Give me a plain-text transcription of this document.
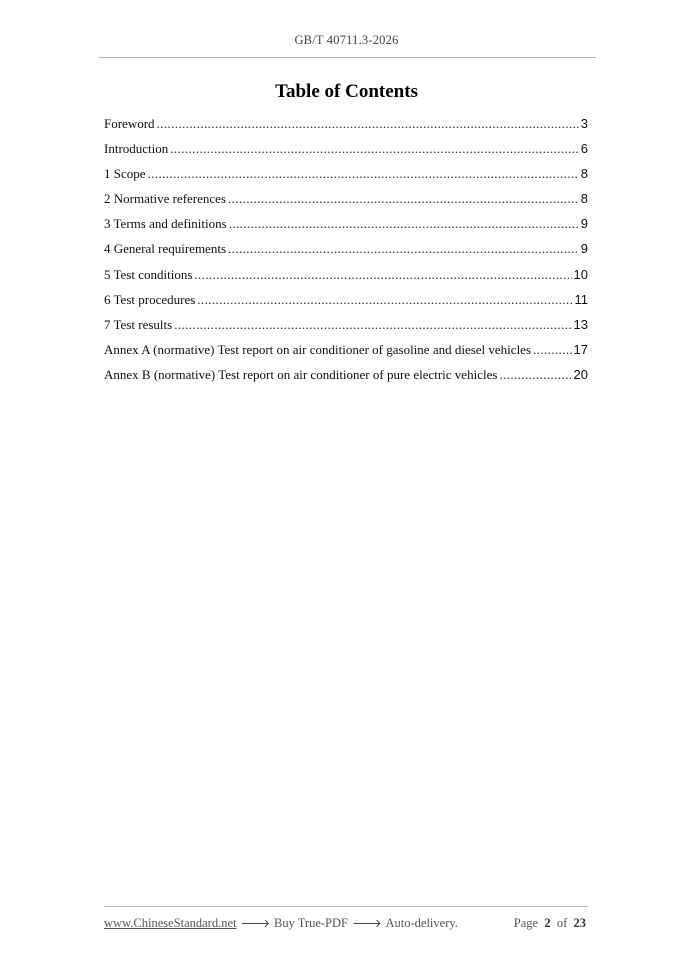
GB/T 40711.3-2026
Table of Contents
Foreword .....	3
Introduction .....	6
1 Scope .....	8
2 Normative references .....	8
3 Terms and definitions .....	9
4 General requirements .....	9
5 Test conditions .....	10
6 Test procedures .....	11
7 Test results .....	13
Annex A (normative) Test report on air conditioner of gasoline and diesel vehicles .....	17
Annex B (normative) Test report on air conditioner of pure electric vehicles .....	20
www.ChineseStandard.net 🡒 Buy True-PDF 🡒 Auto-delivery.	Page 2 of 23
